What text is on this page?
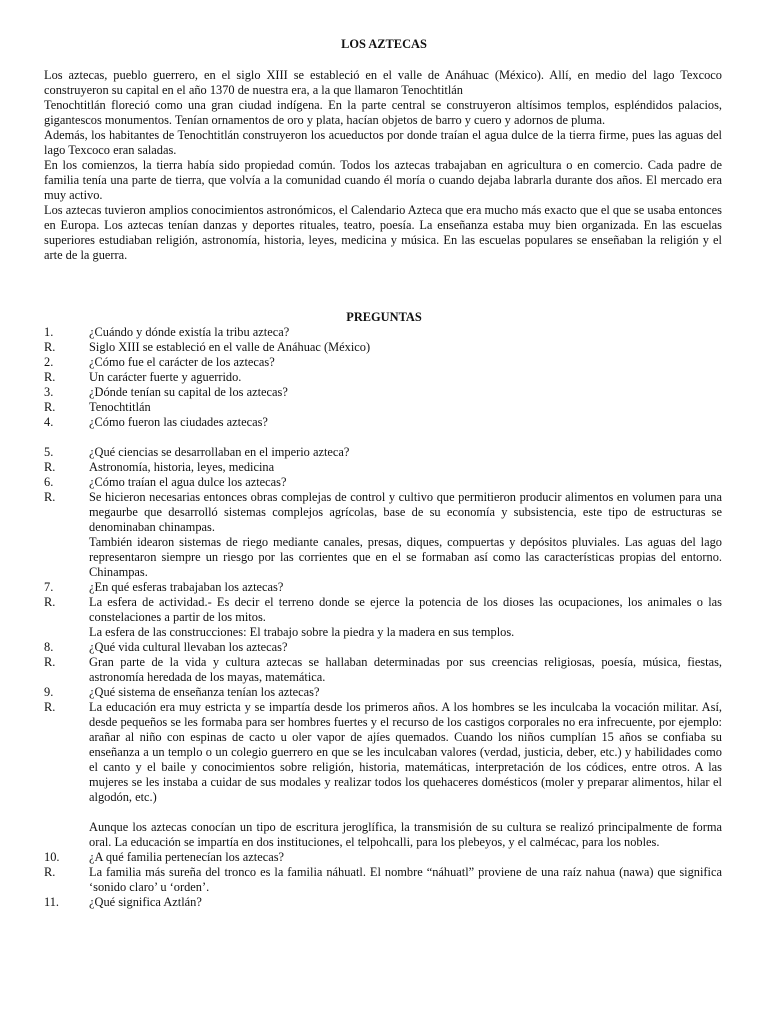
LOS AZTECAS

Los aztecas, pueblo guerrero, en el siglo XIII se estableció en el valle de Anáhuac (México). Allí, en medio del lago Texcoco construyeron su capital en el año 1370 de nuestra era, a la que llamaron Tenochtitlán

Tenochtitlán floreció como una gran ciudad indígena. En la parte central se construyeron altísimos templos, espléndidos palacios, gigantescos monumentos. Tenían ornamentos de oro y plata, hacían objetos de barro y cuero y adornos de pluma.

Además, los habitantes de Tenochtitlán construyeron los acueductos por donde traían el agua dulce de la tierra firme, pues las aguas del lago Texcoco eran saladas.

En los comienzos, la tierra había sido propiedad común. Todos los aztecas trabajaban en agricultura o en comercio. Cada padre de familia tenía una parte de tierra, que volvía a la comunidad cuando él moría o cuando dejaba labrarla durante dos años. El mercado era muy activo.

Los aztecas tuvieron amplios conocimientos astronómicos, el Calendario Azteca que era mucho más exacto que el que se usaba entonces en Europa. Los aztecas tenían danzas y deportes rituales, teatro, poesía. La enseñanza estaba muy bien organizada. En las escuelas superiores estudiaban religión, astronomía, historia, leyes, medicina y música. En las escuelas populares se enseñaban la religión y el arte de la guerra.

PREGUNTAS
1.	¿Cuándo y dónde existía la tribu azteca?

R.	Siglo XIII se estableció en el valle de Anáhuac (México)

2.	¿Cómo fue el carácter de los aztecas?

R.	Un carácter fuerte y aguerrido.

3.	¿Dónde tenían su capital de los aztecas?

R.	Tenochtitlán

4.	¿Cómo fueron las ciudades aztecas?

5.	¿Qué ciencias se desarrollaban en el imperio azteca?

R.	Astronomía, historia, leyes, medicina

6.	¿Cómo traían el agua dulce los aztecas?

R.	Se hicieron necesarias entonces obras complejas de control y cultivo que permitieron producir alimentos en volumen para una megaurbe que desarrolló sistemas complejos agrícolas, base de su economía y subsistencia, este tipo de estructuras se denominaban chinampas.

También idearon sistemas de riego mediante canales, presas, diques, compuertas y depósitos pluviales. Las aguas del lago representaron siempre un riesgo por las corrientes que en el se formaban así como las características propias del entorno. Chinampas.

7.	¿En qué esferas trabajaban los aztecas?

R.	La esfera de actividad.- Es decir el terreno donde se ejerce la potencia de los dioses las ocupaciones, los animales o las constelaciones a partir de los mitos.

La esfera de las construcciones: El trabajo sobre la piedra y la madera en sus templos.

8.	¿Qué vida cultural llevaban los aztecas?

R.	Gran parte de la vida y cultura aztecas se hallaban determinadas por sus creencias religiosas, poesía, música, fiestas, astronomía heredada de los mayas, matemática.

9.	¿Qué sistema de enseñanza tenían los aztecas?

R.	La educación era muy estricta y se impartía desde los primeros años. A los hombres se les inculcaba la vocación militar. Así, desde pequeños se les formaba para ser hombres fuertes y el recurso de los castigos corporales no era infrecuente, por ejemplo: arañar al niño con espinas de cacto u oler vapor de ajíes quemados. Cuando los niños cumplían 15 años se confiaba su enseñanza a un templo o un colegio guerrero en que se les inculcaban valores (verdad, justicia, deber, etc.) y habilidades como el canto y el baile y conocimientos sobre religión, historia, matemáticas, interpretación de los códices, entre otros. A las mujeres se les instaba a cuidar de sus modales y realizar todos los quehaceres domésticos (moler y preparar alimentos, hilar el algodón, etc.)

Aunque los aztecas conocían un tipo de escritura jeroglífica, la transmisión de su cultura se realizó principalmente de forma oral. La educación se impartía en dos instituciones, el telpohcalli, para los plebeyos, y el calmécac, para los nobles.

10.	¿A qué familia pertenecían los aztecas?

R.	La familia más sureña del tronco es la familia náhuatl. El nombre “náhuatl” proviene de una raíz nahua (nawa) que significa ‘sonido claro’ u ‘orden’.

11.	¿Qué significa Aztlán?
